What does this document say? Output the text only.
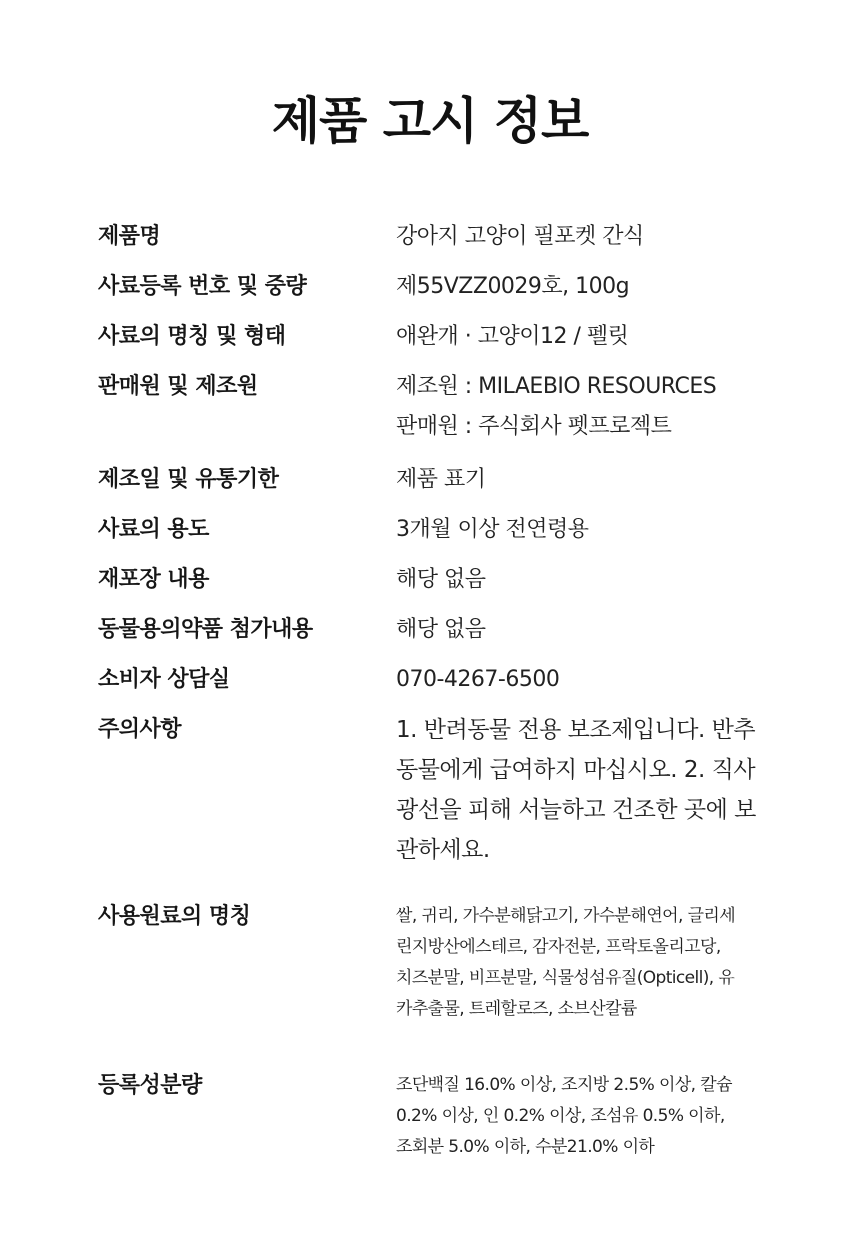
제품 고시 정보
제품명	강아지 고양이 필포켓 간식
사료등록 번호 및 중량	제55VZZ0029호, 100g
사료의 명칭 및 형태	애완개 · 고양이12 / 펠릿
판매원 및 제조원	제조원 : MILAEBIO RESOURCES
판매원 : 주식회사 펫프로젝트
제조일 및 유통기한	제품 표기
사료의 용도	3개월 이상 전연령용
재포장 내용	해당 없음
동물용의약품 첨가내용	해당 없음
소비자 상담실	070-4267-6500
주의사항	1. 반려동물 전용 보조제입니다. 반추
동물에게 급여하지 마십시오. 2. 직사
광선을 피해 서늘하고 건조한 곳에 보
관하세요.
사용원료의 명칭	쌀, 귀리, 가수분해닭고기, 가수분해연어, 글리세
린지방산에스테르, 감자전분, 프락토올리고당,
치즈분말, 비프분말, 식물성섬유질(Opticell), 유
카추출물, 트레할로즈, 소브산칼륨
등록성분량	조단백질 16.0% 이상, 조지방 2.5% 이상, 칼슘
0.2% 이상, 인 0.2% 이상, 조섬유 0.5% 이하,
조회분 5.0% 이하, 수분21.0% 이하
